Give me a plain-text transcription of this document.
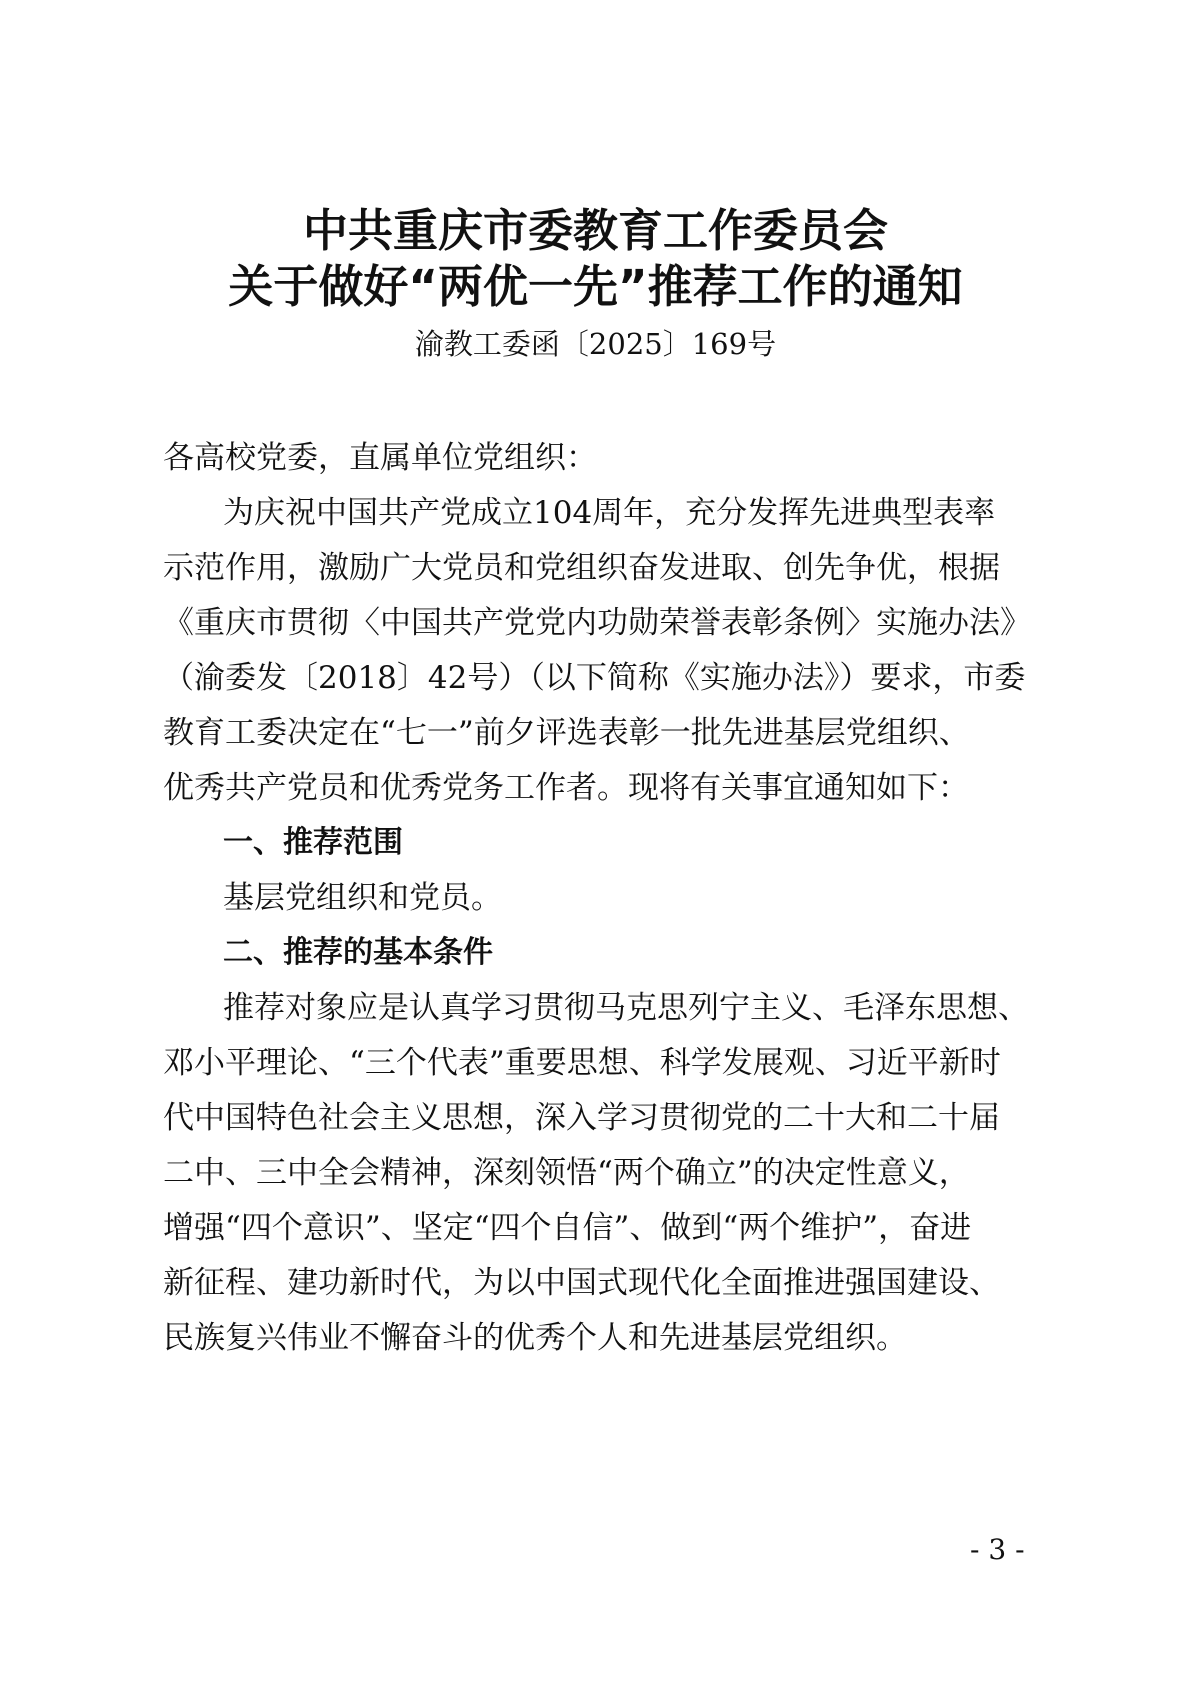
中共重庆市委教育工作委员会
关于做好“两优一先”推荐工作的通知
渝教工委函〔2025〕169号
各高校党委，直属单位党组织：
为庆祝中国共产党成立104周年，充分发挥先进典型表率
示范作用，激励广大党员和党组织奋发进取、创先争优，根据
《重庆市贯彻〈中国共产党党内功勋荣誉表彰条例〉实施办法》
（渝委发〔2018〕42号）（以下简称《实施办法》）要求，市委
教育工委决定在“七一”前夕评选表彰一批先进基层党组织、
优秀共产党员和优秀党务工作者。现将有关事宜通知如下：
一、推荐范围
基层党组织和党员。
二、推荐的基本条件
推荐对象应是认真学习贯彻马克思列宁主义、毛泽东思想、
邓小平理论、“三个代表”重要思想、科学发展观、习近平新时
代中国特色社会主义思想，深入学习贯彻党的二十大和二十届
二中、三中全会精神，深刻领悟“两个确立”的决定性意义，
增强“四个意识”、坚定“四个自信”、做到“两个维护”，奋进
新征程、建功新时代，为以中国式现代化全面推进强国建设、
民族复兴伟业不懈奋斗的优秀个人和先进基层党组织。
- 3 -
